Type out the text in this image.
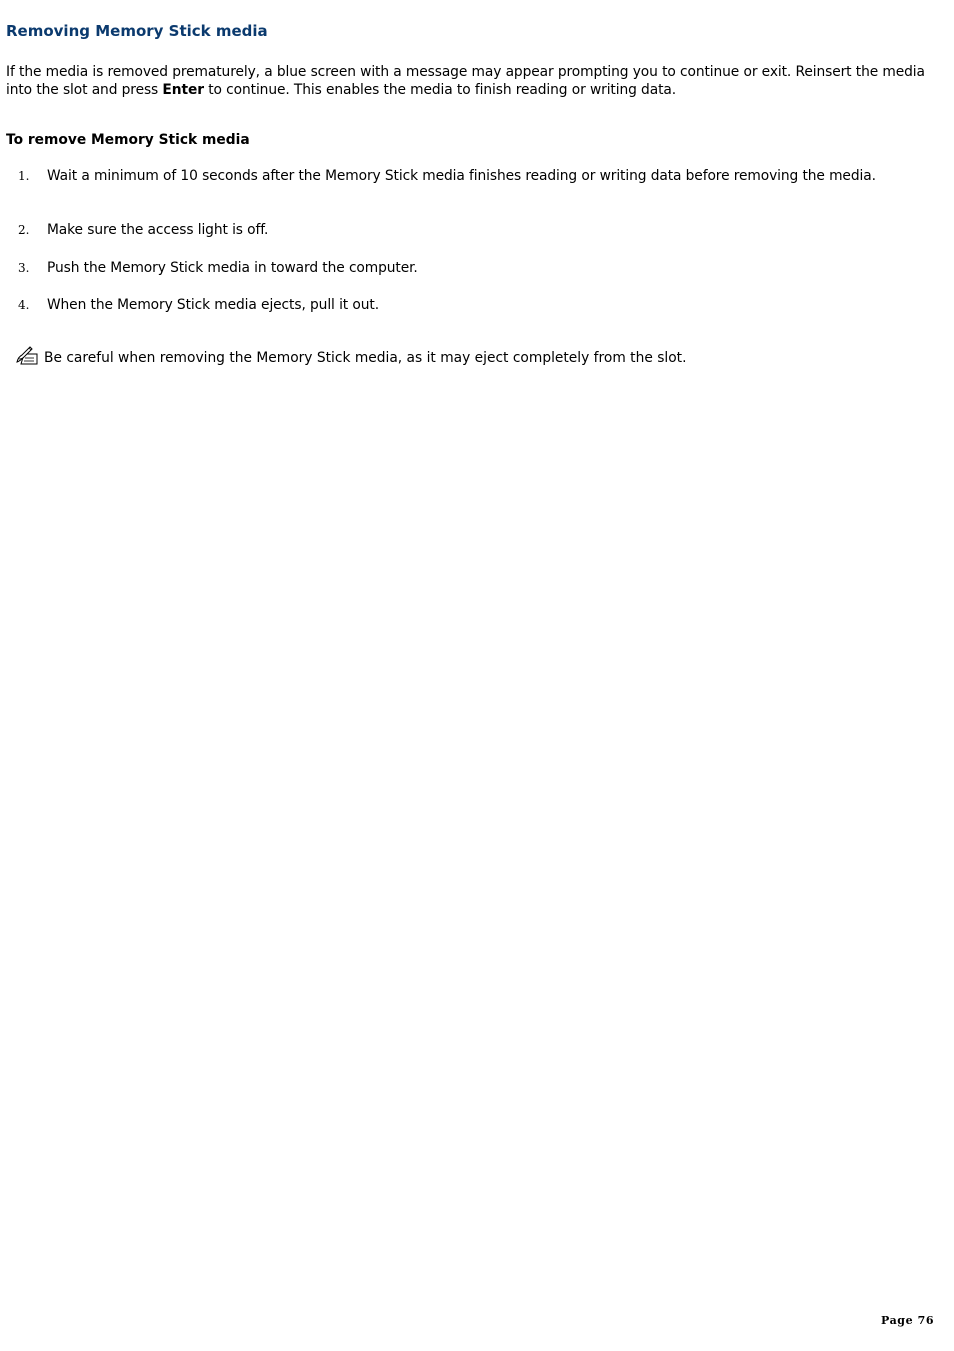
Removing Memory Stick media

If the media is removed prematurely, a blue screen with a message may appear prompting you to continue or exit. Reinsert the media into the slot and press Enter to continue. This enables the media to finish reading or writing data.

To remove Memory Stick media
1. Wait a minimum of 10 seconds after the Memory Stick media finishes reading or writing data before removing the media.
2. Make sure the access light is off.
3. Push the Memory Stick media in toward the computer.
4. When the Memory Stick media ejects, pull it out.
Be careful when removing the Memory Stick media, as it may eject completely from the slot.
Page 76
